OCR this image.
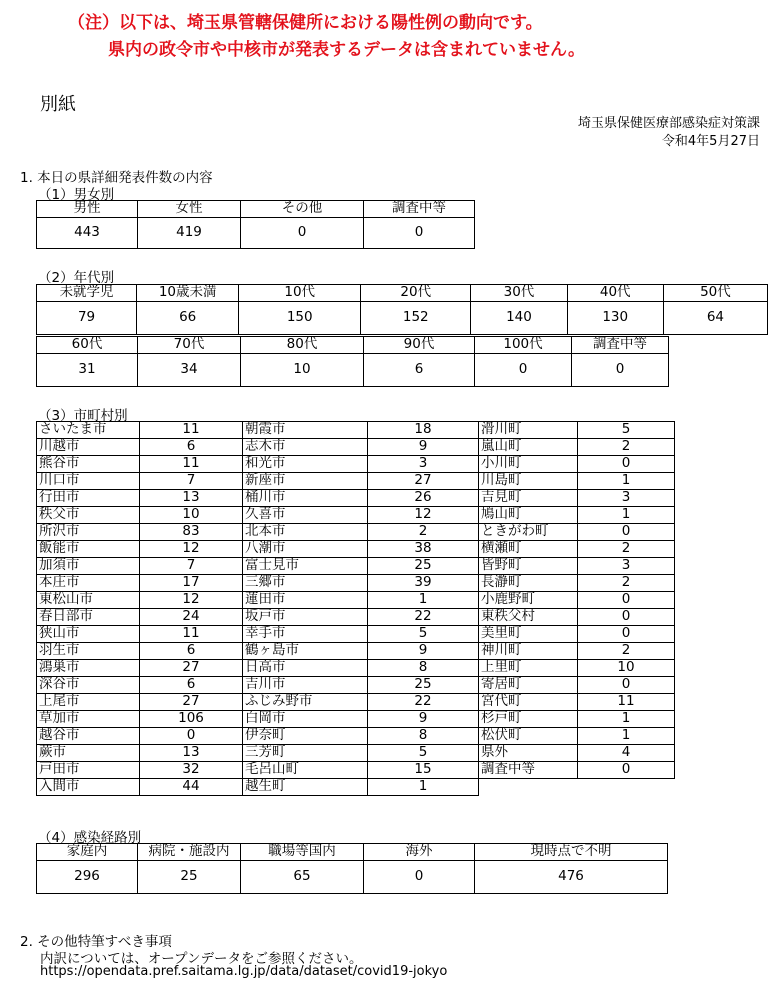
（注）以下は、埼玉県管轄保健所における陽性例の動向です。
県内の政令市や中核市が発表するデータは含まれていません。
別紙
埼玉県保健医療部感染症対策課
令和4年5月27日
1. 本日の県詳細発表件数の内容
（1）男女別
男性	女性	その他	調査中等
443	419	0	0
（2）年代別
未就学児	10歳未満	10代	20代	30代	40代	50代
79	66	150	152	140	130	64
60代	70代	80代	90代	100代	調査中等
31	34	10	6	0	0
（3）市町村別
さいたま市	11	朝霞市	18	滑川町	5
川越市	6	志木市	9	嵐山町	2
熊谷市	11	和光市	3	小川町	0
川口市	7	新座市	27	川島町	1
行田市	13	桶川市	26	吉見町	3
秩父市	10	久喜市	12	鳩山町	1
所沢市	83	北本市	2	ときがわ町	0
飯能市	12	八潮市	38	横瀬町	2
加須市	7	富士見市	25	皆野町	3
本庄市	17	三郷市	39	長瀞町	2
東松山市	12	蓮田市	1	小鹿野町	0
春日部市	24	坂戸市	22	東秩父村	0
狭山市	11	幸手市	5	美里町	0
羽生市	6	鶴ヶ島市	9	神川町	2
鴻巣市	27	日高市	8	上里町	10
深谷市	6	吉川市	25	寄居町	0
上尾市	27	ふじみ野市	22	宮代町	11
草加市	106	白岡市	9	杉戸町	1
越谷市	0	伊奈町	8	松伏町	1
蕨市	13	三芳町	5	県外	4
戸田市	32	毛呂山町	15	調査中等	0
入間市	44	越生町	1		
（4）感染経路別
家庭内	病院・施設内	職場等国内	海外	現時点で不明
296	25	65	0	476
2. その他特筆すべき事項
内訳については、オープンデータをご参照ください。
https://opendata.pref.saitama.lg.jp/data/dataset/covid19-jokyo
